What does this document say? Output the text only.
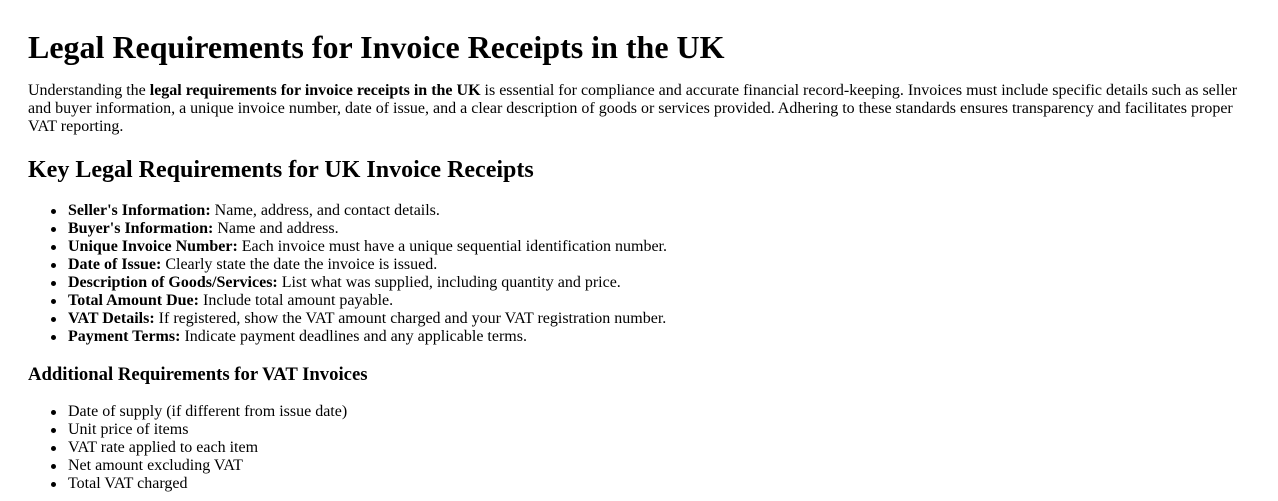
Legal Requirements for Invoice Receipts in the UK

Understanding the legal requirements for invoice receipts in the UK is essential for compliance and accurate financial record-keeping. Invoices must include specific details such as seller and buyer information, a unique invoice number, date of issue, and a clear description of goods or services provided. Adhering to these standards ensures transparency and facilitates proper VAT reporting.

Key Legal Requirements for UK Invoice Receipts
Seller's Information: Name, address, and contact details.
Buyer's Information: Name and address.
Unique Invoice Number: Each invoice must have a unique sequential identification number.
Date of Issue: Clearly state the date the invoice is issued.
Description of Goods/Services: List what was supplied, including quantity and price.
Total Amount Due: Include total amount payable.
VAT Details: If registered, show the VAT amount charged and your VAT registration number.
Payment Terms: Indicate payment deadlines and any applicable terms.
Additional Requirements for VAT Invoices
Date of supply (if different from issue date)
Unit price of items
VAT rate applied to each item
Net amount excluding VAT
Total VAT charged
